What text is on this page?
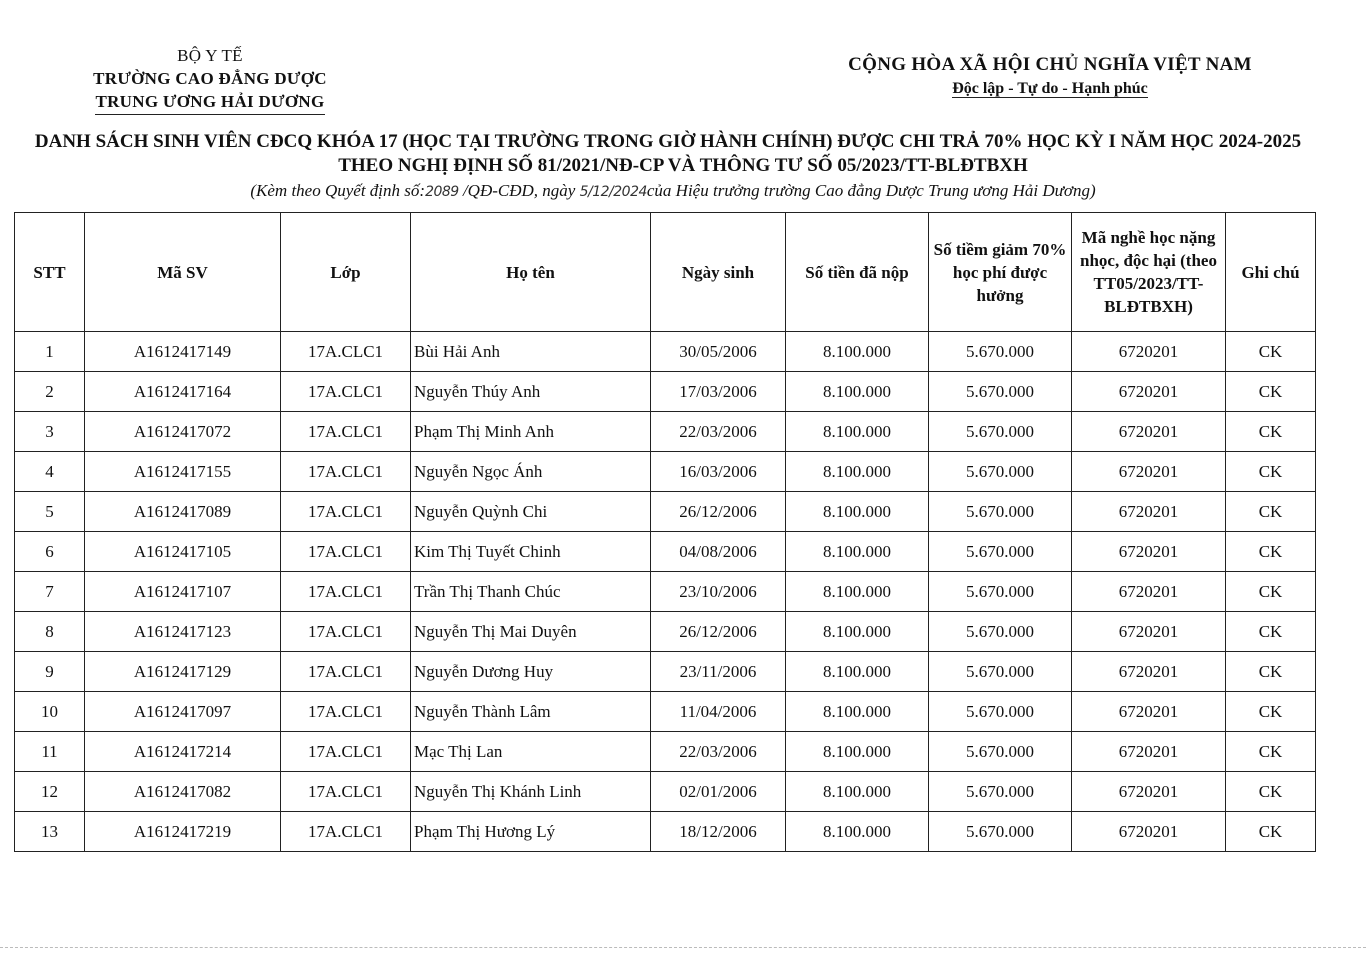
BỘ Y TẾ
TRƯỜNG CAO ĐẲNG DƯỢC
TRUNG ƯƠNG HẢI DƯƠNG
CỘNG HÒA XÃ HỘI CHỦ NGHĨA VIỆT NAM
Độc lập - Tự do - Hạnh phúc
DANH SÁCH SINH VIÊN CĐCQ KHÓA 17 (HỌC TẠI TRƯỜNG TRONG GIỜ HÀNH CHÍNH) ĐƯỢC CHI TRẢ 70% HỌC KỲ I NĂM HỌC 2024-2025
THEO NGHỊ ĐỊNH SỐ 81/2021/NĐ-CP VÀ THÔNG TƯ SỐ 05/2023/TT-BLĐTBXH
(Kèm theo Quyết định số:2089 /QĐ-CĐD, ngày 5/12/2024của Hiệu trưởng trường Cao đẳng Dược Trung ương Hải Dương)
STT	Mã SV	Lớp	Họ tên	Ngày sinh	Số tiền đã nộp	Số tiềm giảm 70% học phí được hưởng	Mã nghề học nặng nhọc, độc hại (theo TT05/2023/TT-BLĐTBXH)	Ghi chú
1	A1612417149	17A.CLC1	Bùi Hải Anh	30/05/2006	8.100.000	5.670.000	6720201	CK
2	A1612417164	17A.CLC1	Nguyễn Thúy Anh	17/03/2006	8.100.000	5.670.000	6720201	CK
3	A1612417072	17A.CLC1	Phạm Thị Minh Anh	22/03/2006	8.100.000	5.670.000	6720201	CK
4	A1612417155	17A.CLC1	Nguyễn Ngọc Ánh	16/03/2006	8.100.000	5.670.000	6720201	CK
5	A1612417089	17A.CLC1	Nguyễn Quỳnh Chi	26/12/2006	8.100.000	5.670.000	6720201	CK
6	A1612417105	17A.CLC1	Kim Thị Tuyết Chinh	04/08/2006	8.100.000	5.670.000	6720201	CK
7	A1612417107	17A.CLC1	Trần Thị Thanh Chúc	23/10/2006	8.100.000	5.670.000	6720201	CK
8	A1612417123	17A.CLC1	Nguyễn Thị Mai Duyên	26/12/2006	8.100.000	5.670.000	6720201	CK
9	A1612417129	17A.CLC1	Nguyễn Dương Huy	23/11/2006	8.100.000	5.670.000	6720201	CK
10	A1612417097	17A.CLC1	Nguyễn Thành Lâm	11/04/2006	8.100.000	5.670.000	6720201	CK
11	A1612417214	17A.CLC1	Mạc Thị Lan	22/03/2006	8.100.000	5.670.000	6720201	CK
12	A1612417082	17A.CLC1	Nguyễn Thị Khánh Linh	02/01/2006	8.100.000	5.670.000	6720201	CK
13	A1612417219	17A.CLC1	Phạm Thị Hương Lý	18/12/2006	8.100.000	5.670.000	6720201	CK
